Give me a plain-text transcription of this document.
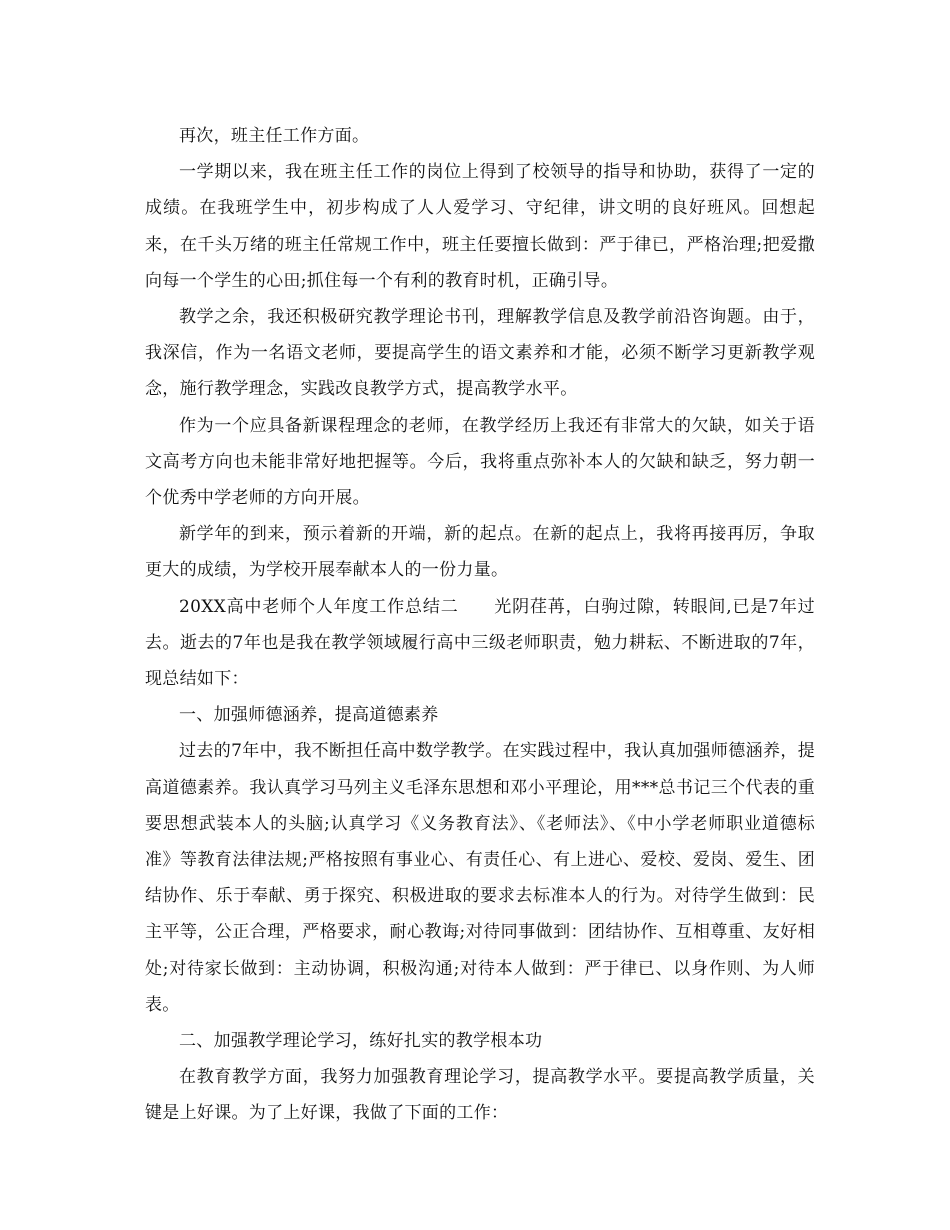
再次，班主任工作方面。

一学期以来，我在班主任工作的岗位上得到了校领导的指导和协助，获得了一定的成绩。在我班学生中，初步构成了人人爱学习、守纪律，讲文明的良好班风。回想起来，在千头万绪的班主任常规工作中，班主任要擅长做到：严于律已，严格治理;把爱撒向每一个学生的心田;抓住每一个有利的教育时机，正确引导。

教学之余，我还积极研究教学理论书刊，理解教学信息及教学前沿咨询题。由于，我深信，作为一名语文老师，要提高学生的语文素养和才能，必须不断学习更新教学观念，施行教学理念，实践改良教学方式，提高教学水平。

作为一个应具备新课程理念的老师，在教学经历上我还有非常大的欠缺，如关于语文高考方向也未能非常好地把握等。今后，我将重点弥补本人的欠缺和缺乏，努力朝一个优秀中学老师的方向开展。

新学年的到来，预示着新的开端，新的起点。在新的起点上，我将再接再厉，争取更大的成绩，为学校开展奉献本人的一份力量。

20XX高中老师个人年度工作总结二　　光阴荏苒，白驹过隙，转眼间,已是7年过去。逝去的7年也是我在教学领域履行高中三级老师职责，勉力耕耘、不断进取的7年，现总结如下：

一、加强师德涵养，提高道德素养

过去的7年中，我不断担任高中数学教学。在实践过程中，我认真加强师德涵养，提高道德素养。我认真学习马列主义毛泽东思想和邓小平理论，用***总书记三个代表的重要思想武装本人的头脑;认真学习《义务教育法》、《老师法》、《中小学老师职业道德标准》等教育法律法规;严格按照有事业心、有责任心、有上进心、爱校、爱岗、爱生、团结协作、乐于奉献、勇于探究、积极进取的要求去标准本人的行为。对待学生做到：民主平等，公正合理，严格要求，耐心教诲;对待同事做到：团结协作、互相尊重、友好相处;对待家长做到：主动协调，积极沟通;对待本人做到：严于律已、以身作则、为人师表。

二、加强教学理论学习，练好扎实的教学根本功

在教育教学方面，我努力加强教育理论学习，提高教学水平。要提高教学质量，关键是上好课。为了上好课，我做了下面的工作：
